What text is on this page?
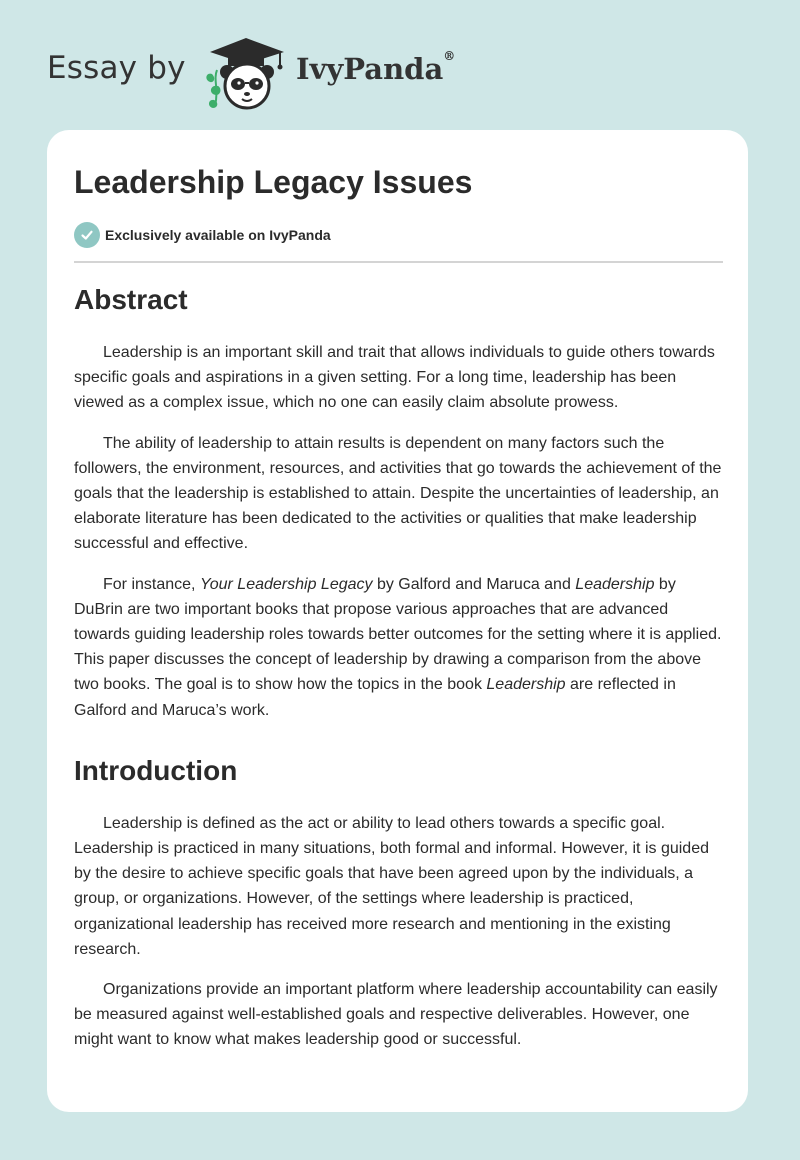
Essay by	IvyPanda®
Leadership Legacy Issues
Exclusively available on IvyPanda
Abstract

Leadership is an important skill and trait that allows individuals to guide others towards specific goals and aspirations in a given setting. For a long time, leadership has been viewed as a complex issue, which no one can easily claim absolute prowess.

The ability of leadership to attain results is dependent on many factors such the followers, the environment, resources, and activities that go towards the achievement of the goals that the leadership is established to attain. Despite the uncertainties of leadership, an elaborate literature has been dedicated to the activities or qualities that make leadership successful and effective.

For instance, Your Leadership Legacy by Galford and Maruca and Leadership by DuBrin are two important books that propose various approaches that are advanced towards guiding leadership roles towards better outcomes for the setting where it is applied. This paper discusses the concept of leadership by drawing a comparison from the above two books. The goal is to show how the topics in the book Leadership are reflected in Galford and Maruca’s work.

Introduction

Leadership is defined as the act or ability to lead others towards a specific goal. Leadership is practiced in many situations, both formal and informal. However, it is guided by the desire to achieve specific goals that have been agreed upon by the individuals, a group, or organizations. However, of the settings where leadership is practiced, organizational leadership has received more research and mentioning in the existing research.

Organizations provide an important platform where leadership accountability can easily be measured against well-established goals and respective deliverables. However, one might want to know what makes leadership good or successful.
